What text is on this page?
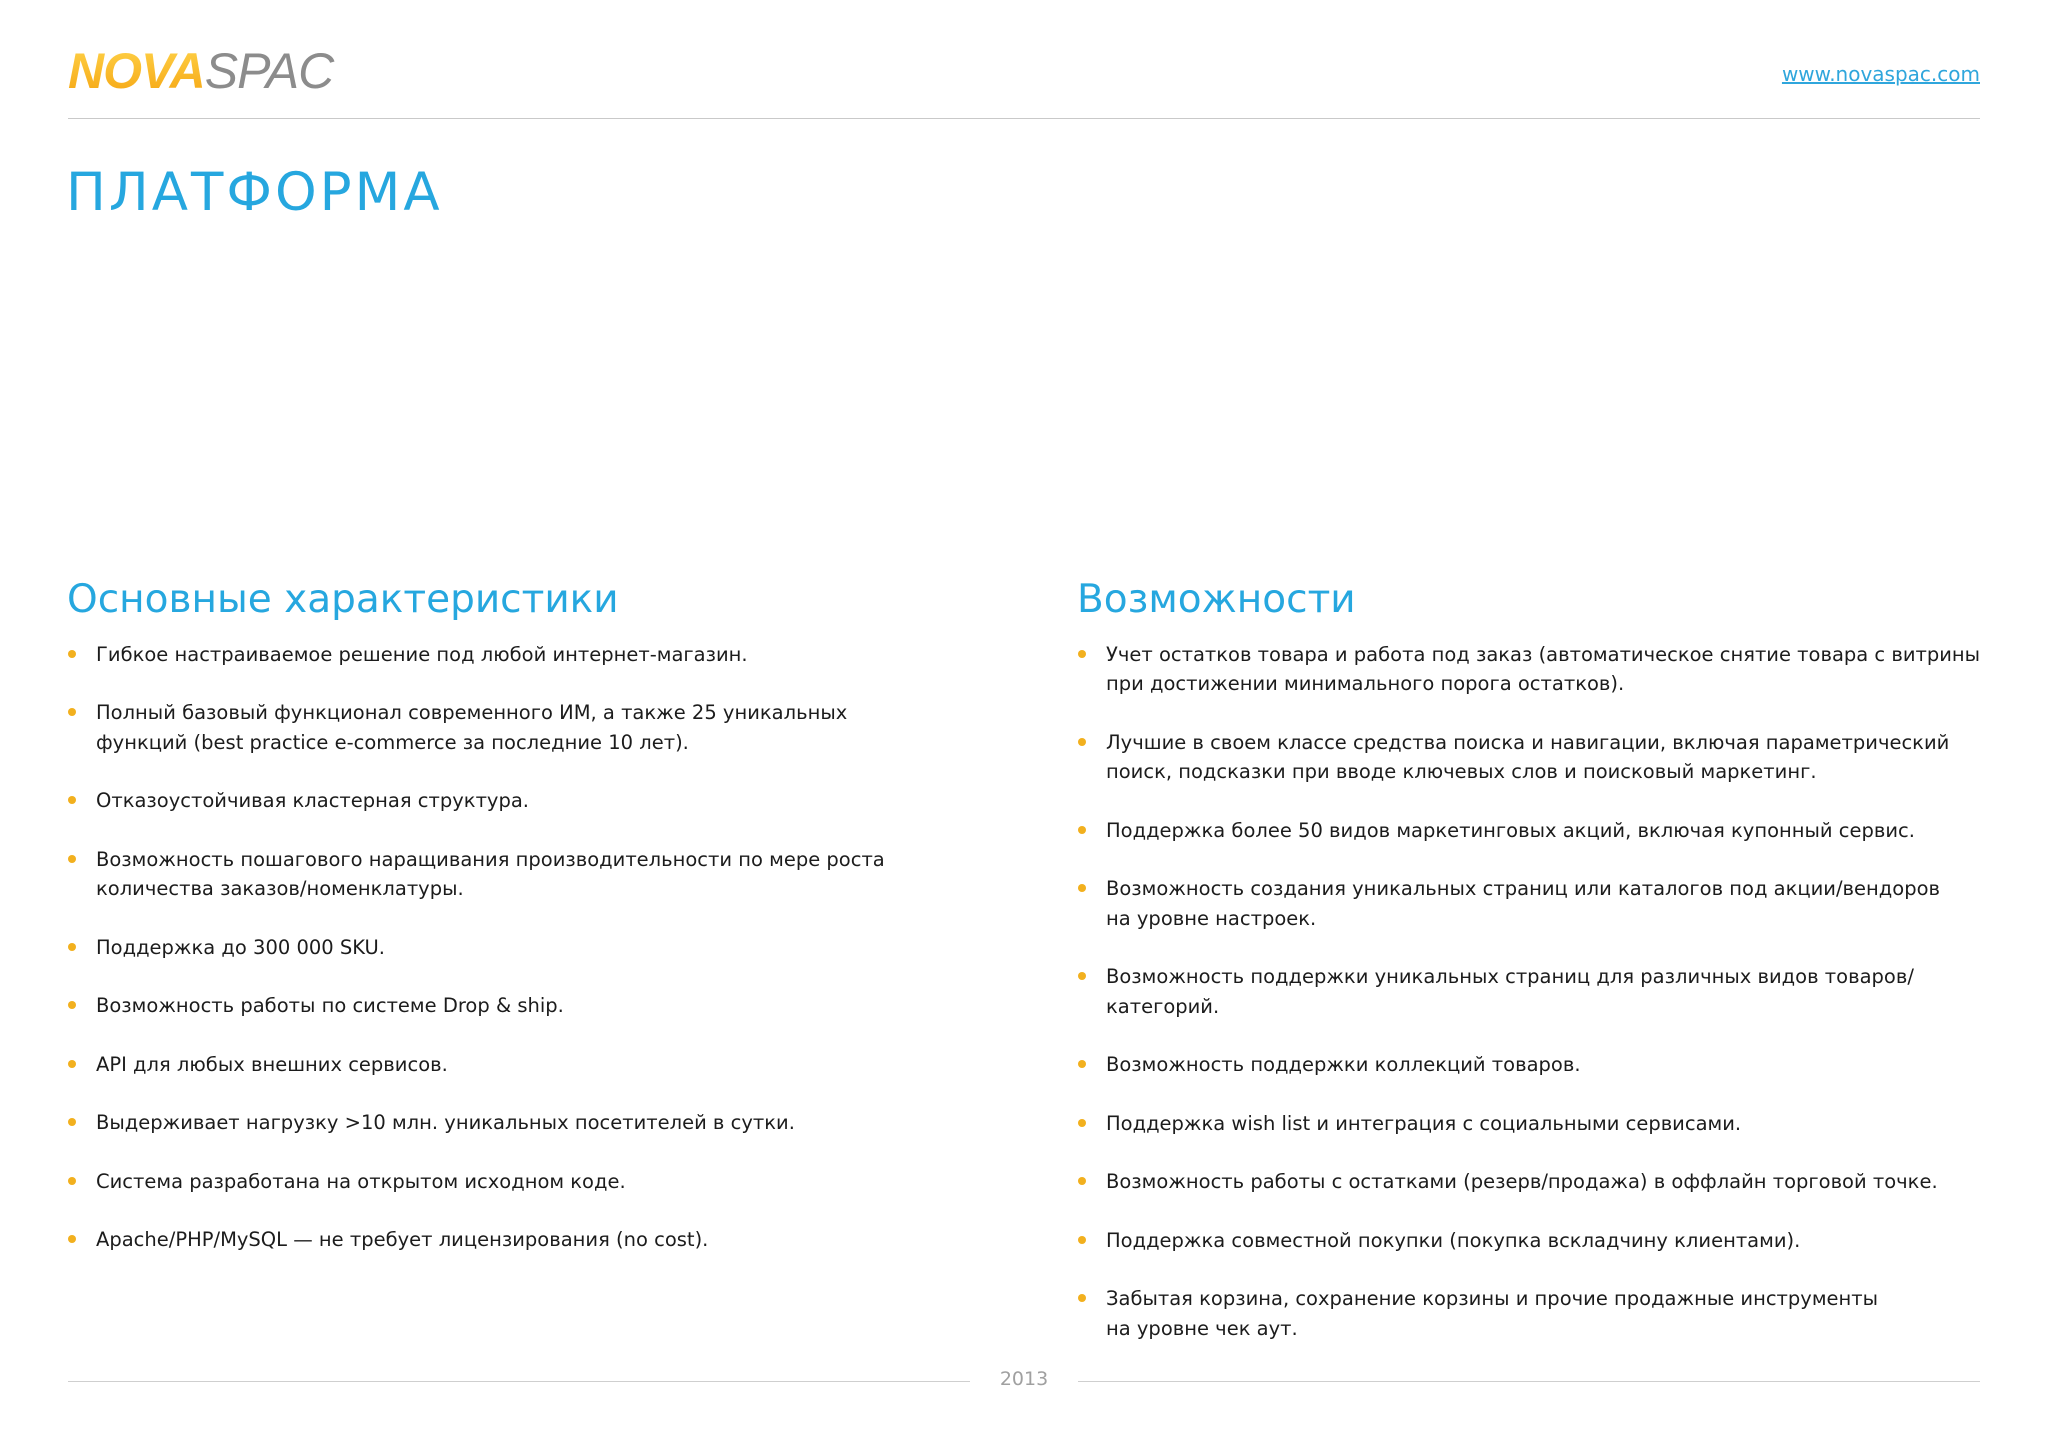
NOVASPAC	www.novaspac.com
ПЛАТФОРМА
Основные характеристики
Гибкое настраиваемое решение под любой интернет-магазин.
Полный базовый функционал современного ИМ, а также 25 уникальных
функций (best practice e-commerce за последние 10 лет).
Отказоустойчивая кластерная структура.
Возможность пошагового наращивания производительности по мере роста
количества заказов/номенклатуры.
Поддержка до 300 000 SKU.
Возможность работы по системе Drop & ship.
API для любых внешних сервисов.
Выдерживает нагрузку >10 млн. уникальных посетителей в сутки.
Система разработана на открытом исходном коде.
Apache/PHP/MySQL — не требует лицензирования (no cost).
Возможности
Учет остатков товара и работа под заказ (автоматическое снятие товара с витрины
при достижении минимального порога остатков).
Лучшие в своем классе средства поиска и навигации, включая параметрический
поиск, подсказки при вводе ключевых слов и поисковый маркетинг.
Поддержка более 50 видов маркетинговых акций, включая купонный сервис.
Возможность создания уникальных страниц или каталогов под акции/вендоров
на уровне настроек.
Возможность поддержки уникальных страниц для различных видов товаров/категорий.
Возможность поддержки коллекций товаров.
Поддержка wish list и интеграция с социальными сервисами.
Возможность работы с остатками (резерв/продажа) в оффлайн торговой точке.
Поддержка совместной покупки (покупка вскладчину клиентами).
Забытая корзина, сохранение корзины и прочие продажные инструменты
на уровне чек аут.
2013
